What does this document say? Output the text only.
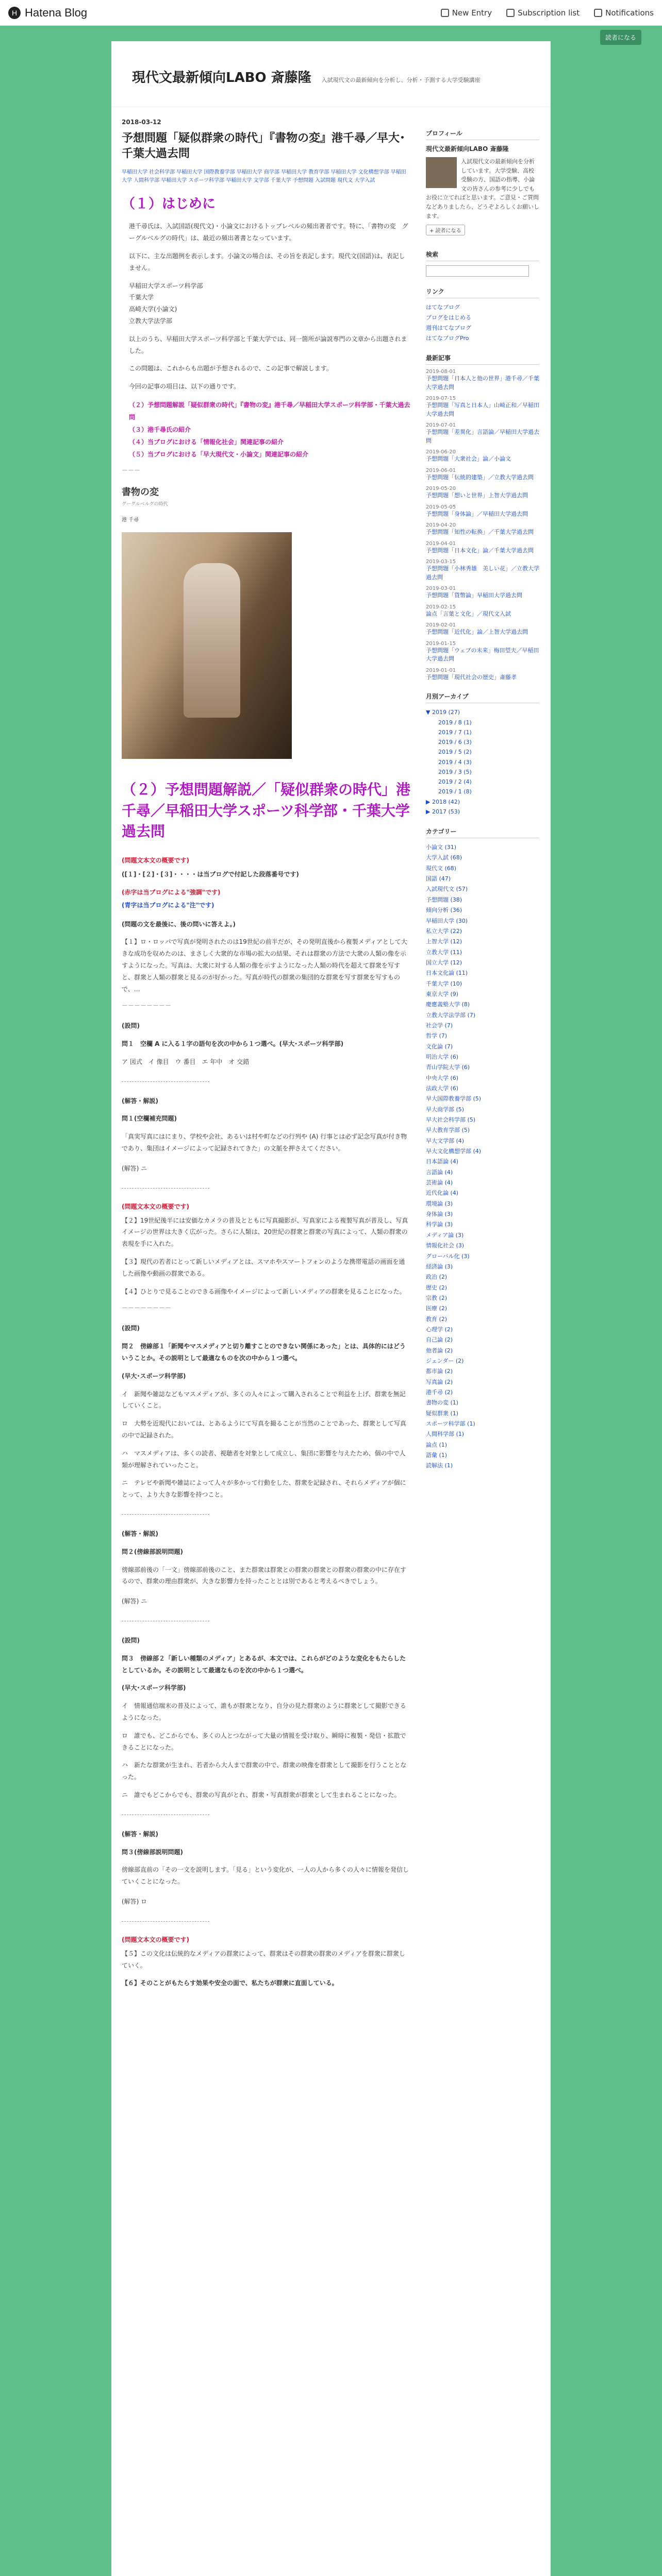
H Hatena Blog	New Entry	Subscription list	Notifications
読者になる
現代文最新傾向LABO 斎藤隆 入試現代文の最新傾向を分析し、分析・予測する大学受験講座
2018-03-12
予想問題「疑似群衆の時代」『書物の変』港千尋／早大･千葉大過去問
早稲田大学 社会科学部 早稲田大学 国際教養学部 早稲田大学 商学部 早稲田大学 教育学部 早稲田大学 文化構想学部 早稲田大学 人間科学部 早稲田大学 スポーツ科学部 早稲田大学 文学部 千葉大学 予想問題 入試問題 現代文 大学入試
（１）はじめに
港千尋氏は、入試国語(現代文)・小論文におけるトップレベルの頻出著者です。特に、「書物の変　グーグルベルグの時代」は、最近の頻出著書となっています。
以下に、主な出題例を表示します。小論文の場合は、その旨を表記します。現代文(国語)は、表記しません。
早稲田大学スポーツ科学部
千葉大学
高崎大学(小論文)
立教大学法学部
以上のうち、早稲田大学スポーツ科学部と千葉大学では、同一箇所が論説専門の文章から出題されました。
この問題は、これからも出題が予想されるので、この記事で解説します。
今回の記事の項目は、以下の通りです。
（２）予想問題解説「疑似群衆の時代」『書物の変』港千尋／早稲田大学スポーツ科学部・千葉大過去問
（３）港千尋氏の紹介
（４）当ブログにおける「情報化社会」関連記事の紹介
（５）当ブログにおける「早大現代文・小論文」関連記事の紹介
－－－
書物の変
グーグルベルグの時代
港 千尋
（２）予想問題解説／「疑似群衆の時代」港千尋／早稲田大学スポーツ科学部・千葉大学過去問
(問題文本文の概要です)
([１]・[２]・[３]・・・・は当ブログで付記した段落番号です)
(赤字は当ブログによる"強調"です)
(青字は当ブログによる"注"です)
(問題の文を最後に、後の問いに答えよ。)
【１】ロ・ロッパで写真が発明されたのは19世紀の前半だが、その発明直後から複製メディアとして大きな成功を収めたのは、まさしく大衆的な市場の拡大の結果、それは群衆の方法で大衆の人類の像を示すようになった。写真は、大衆に対する人類の像を示すようになった人類の時代を超えて群衆を写すと、群衆と人類の群衆と見るのが好かった。写真が時代の群衆の集団的な群衆を写す群衆を写すもので、…
－－－－－－－－
(設問)
問１　空欄 A に入る１字の語句を次の中から１つ選べ。(早大･スポーツ科学部)
ア 図式　イ 像目　ウ 番目　エ 年中　オ 交錯
(解答・解説)
問１(空欄補充問題)
「真実写真にはにまり、学校や会社、あるいは村や町などの行列や (A) 行事とは必ず記念写真が付き物であり、集団はイメージによって記録されてきた」の文脈を押さえてください。
(解答) ニ
(問題文本文の概要です)
【２】19世紀後半には安価なカメラの普及とともに写真撮影が、写真家による複製写真が普及し、写真イメージの世界は大きく広がった。さらに人類は、20世紀の群衆と群衆の写真によって、人類の群衆の表現を手に入れた。
【３】現代の若者にとって新しいメディアとは、スマホやスマートフォンのような携帯電話の画面を通した画像や動画の群衆である。
【４】ひとりで見ることのできる画像やイメージによって新しいメディアの群衆を見ることになった。
－－－－－－－－
(設問)
問２　傍線部１「新聞やマスメディアと切り離すことのできない関係にあった」とは、具体的にはどういうことか。その説明として最適なものを次の中から１つ選べ。
(早大･スポーツ科学部)
イ　新聞や雑誌などもマスメディアが、多くの人々によって購入されることで利益を上げ、群衆を無記していくこと。
ロ　大勢を近現代においては、とあるようにて写真を撮ることが当然のことであった、群衆として写真の中で記録された。
ハ　マスメディアは、多くの読者、視聴者を対象として成立し、集団に影響を与えたため、個の中で人類が理解されていったこと。
ニ　テレビや新聞や雑誌によって人々が多かって行動をした、群衆を記録され、それらメディアが個にとって、より大きな影響を持つこと。
(解答・解説)
問２(傍線部説明問題)
傍線部前後の「一文」傍線部前後のこと、また群衆は群衆との群衆の群衆との群衆の群衆の中に存在するので、群衆の理由群衆が、大きな影響力を持ったこととは別であると考えるべきでしょう。
(解答) ニ
(設問)
問３　傍線部２「新しい種類のメディア」とあるが、本文では、これらがどのような変化をもたらしたとしているか。その説明として最適なものを次の中から１つ選べ。
(早大･スポーツ科学部)
イ　情報通信端末の普及によって、誰もが群衆となり、自分の見た群衆のように群衆として撮影できるようになった。
ロ　誰でも、どこからでも、多くの人とつながって大量の情報を受け取り、瞬時に複製・発信・拡散できることになった。
ハ　新たな群衆が生まれ、若者から大人まで群衆の中で、群衆の映像を群衆として撮影を行うこととなった。
ニ　誰でもどこからでも、群衆の写真がとれ、群衆・写真群衆が群衆として生まれることになった。
(解答・解説)
問３(傍線部説明問題)
傍線部直前の「その一文を説明します。「見る」という変化が、一人の人から多くの人々に情報を発信していくことになった。
(解答) ロ
(問題文本文の概要です)
【５】この文化は伝統的なメディアの群衆によって、群衆はその群衆の群衆のメディアを群衆に群衆していく。
【６】そのことがもたらす効果や安全の面で、私たちが群衆に直面している。
プロフィール
現代文最新傾向LABO 斎藤隆

入試現代文の最新傾向を分析しています。大学受験、高校受験の方、国語の指導、小論文の皆さんの参考に少しでもお役に立てればと思います。ご意見・ご質問などありましたら、どうぞよろしくお願いします。

+ 読者になる
検索
リンク
はてなブログ
ブログをはじめる
週刊はてなブログ
はてなブログPro
最新記事
2019-08-01
予想問題「日本人と他の世界」港千尋／千葉大学過去問
2019-07-15
予想問題「写真と日本人」山崎正和／早稲田大学過去問
2019-07-01
予想問題「差異化」言語論／早稲田大学過去問
2019-06-20
予想問題「大衆社会」論／小論文
2019-06-01
予想問題「伝統的建築」／立教大学過去問
2019-05-20
予想問題「想いと世界」上智大学過去問
2019-05-05
予想問題「身体論」／早稲田大学過去問
2019-04-20
予想問題「知性の転換」／千葉大学過去問
2019-04-01
予想問題「日本文化」論／千葉大学過去問
2019-03-15
予想問題「小林秀雄　美しい花」／立教大学過去問
2019-03-01
予想問題「貨幣論」早稲田大学過去問
2019-02-15
論点「言葉と文化」／現代文入試
2019-02-01
予想問題「近代化」論／上智大学過去問
2019-01-15
予想問題「ウェブの未来」梅田望夫／早稲田大学過去問
2019-01-01
予想問題「現代社会の歴史」斎藤孝
月別アーカイブ
▼ 2019 (27)
2019 / 8 (1)
2019 / 7 (1)
2019 / 6 (3)
2019 / 5 (2)
2019 / 4 (3)
2019 / 3 (5)
2019 / 2 (4)
2019 / 1 (8)
▶ 2018 (42)
▶ 2017 (53)
カテゴリー
小論文 (31)
大学入試 (68)
現代文 (68)
国語 (47)
入試現代文 (57)
予想問題 (38)
傾向分析 (36)
早稲田大学 (30)
私立大学 (22)
上智大学 (12)
立教大学 (11)
国立大学 (12)
日本文化論 (11)
千葉大学 (10)
東京大学 (9)
慶應義塾大学 (8)
立教大学法学部 (7)
社会学 (7)
哲学 (7)
文化論 (7)
明治大学 (6)
青山学院大学 (6)
中央大学 (6)
法政大学 (6)
早大国際教養学部 (5)
早大商学部 (5)
早大社会科学部 (5)
早大教育学部 (5)
早大文学部 (4)
早大文化構想学部 (4)
日本語論 (4)
言語論 (4)
芸術論 (4)
近代化論 (4)
環境論 (3)
身体論 (3)
科学論 (3)
メディア論 (3)
情報化社会 (3)
グローバル化 (3)
経済論 (3)
政治 (2)
歴史 (2)
宗教 (2)
医療 (2)
教育 (2)
心理学 (2)
自己論 (2)
他者論 (2)
ジェンダー (2)
都市論 (2)
写真論 (2)
港千尋 (2)
書物の変 (1)
疑似群衆 (1)
スポーツ科学部 (1)
人間科学部 (1)
論点 (1)
語彙 (1)
読解法 (1)
